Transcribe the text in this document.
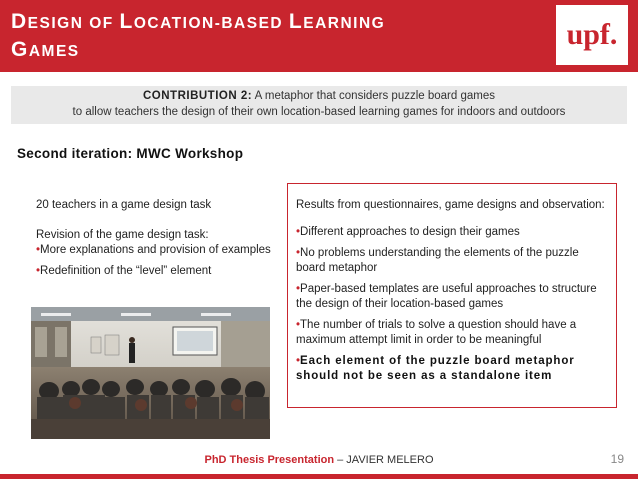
DESIGN OF LOCATION-BASED LEARNING
GAMES
upf.
CONTRIBUTION 2: A metaphor that considers puzzle board games
to allow teachers the design of their own location-based learning games for indoors and outdoors
Second iteration: MWC Workshop

20 teachers in a game design task

Revision of the game design task:

•More explanations and provision of examples

•Redefinition of the “level” element

Results from questionnaires, game designs and observation:

•Different approaches to design their games

•No problems understanding the elements of the puzzle board metaphor

•Paper-based templates are useful approaches to structure the design of their location-based games

•The number of trials to solve a question should have a maximum attempt limit in order to be meaningful

•Each element of the puzzle board metaphor should not be seen as a standalone item

PhD Thesis Presentation – JAVIER MELERO	19
